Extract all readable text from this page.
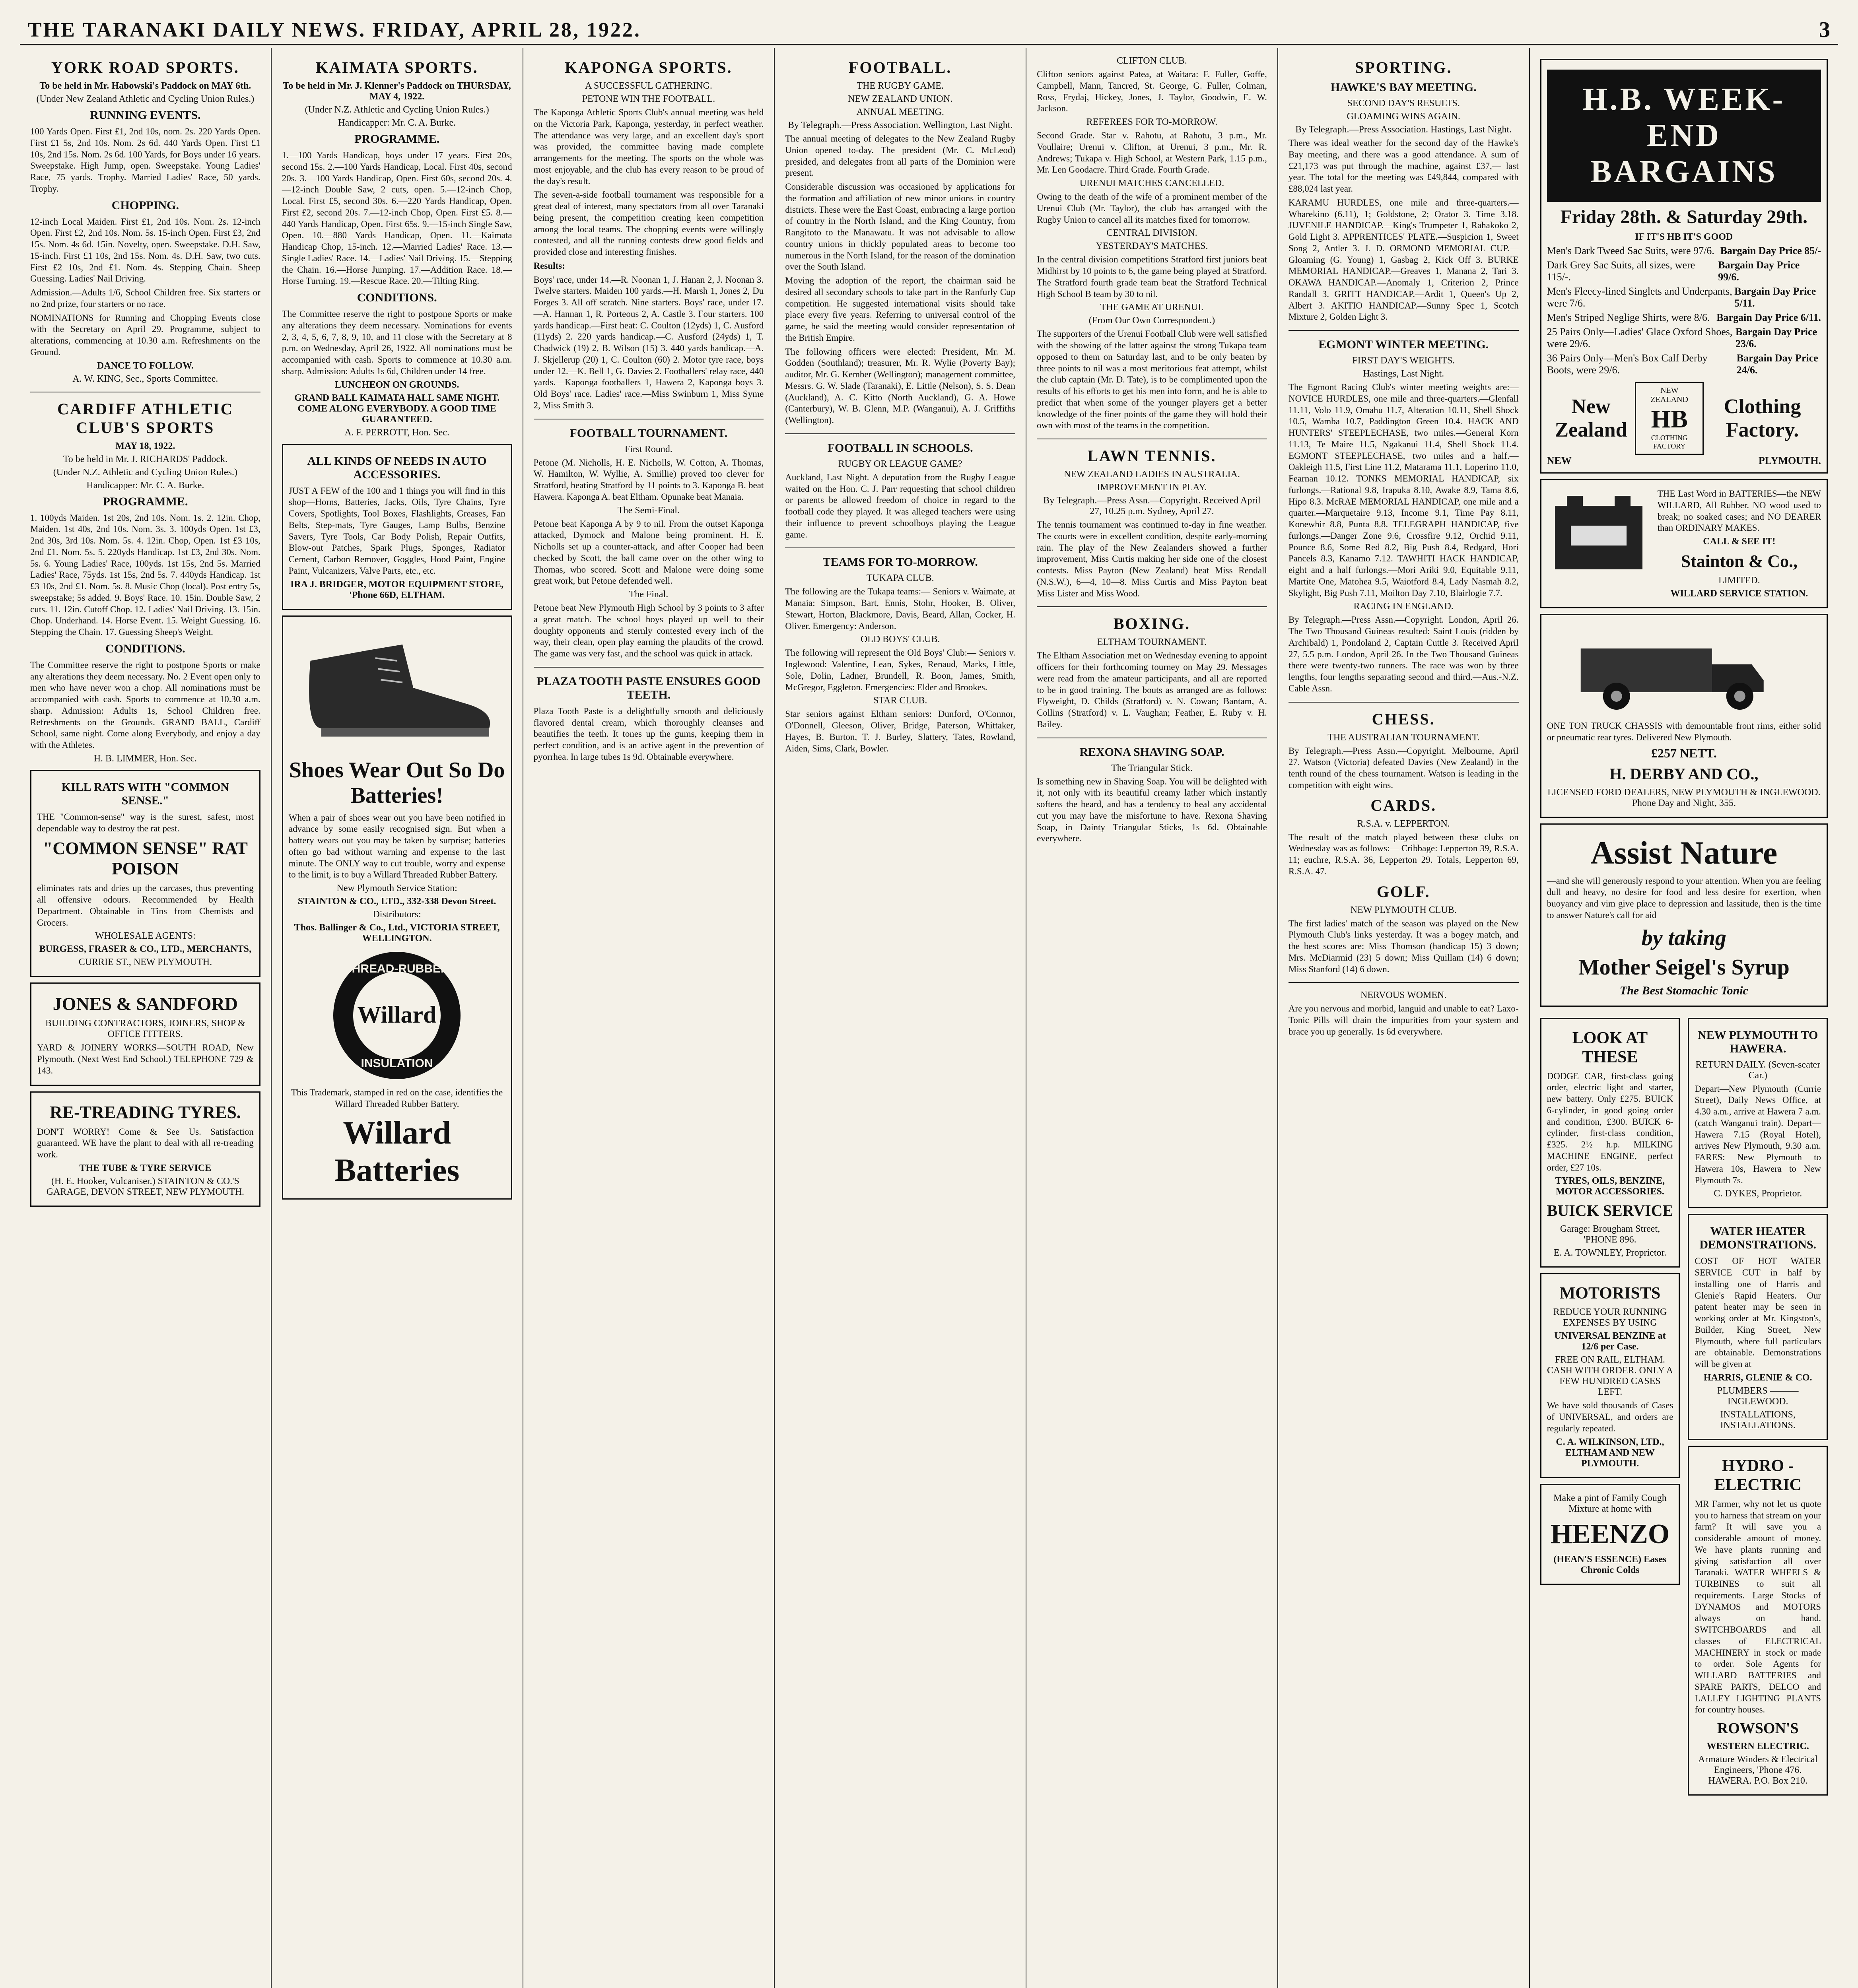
THE TARANAKI DAILY NEWS. FRIDAY, APRIL 28, 1922.	3
YORK ROAD SPORTS.
To be held in Mr. Habowski's Paddock on MAY 6th.
(Under New Zealand Athletic and Cycling Union Rules.)
RUNNING EVENTS.

100 Yards Open. First £1, 2nd 10s, nom. 2s. 220 Yards Open. First £1 5s, 2nd 10s. Nom. 2s 6d. 440 Yards Open. First £1 10s, 2nd 15s. Nom. 2s 6d. 100 Yards, for Boys under 16 years. Sweepstake. High Jump, open. Sweepstake. Young Ladies' Race, 75 yards. Trophy. Married Ladies' Race, 50 yards. Trophy.

CHOPPING.

12-inch Local Maiden. First £1, 2nd 10s. Nom. 2s. 12-inch Open. First £2, 2nd 10s. Nom. 5s. 15-inch Open. First £3, 2nd 15s. Nom. 4s 6d. 15in. Novelty, open. Sweepstake. D.H. Saw, 15-inch. First £1 10s, 2nd 15s. Nom. 4s. D.H. Saw, two cuts. First £2 10s, 2nd £1. Nom. 4s. Stepping Chain. Sheep Guessing. Ladies' Nail Driving.

Admission.—Adults 1/6, School Children free. Six starters or no 2nd prize, four starters or no race.

NOMINATIONS for Running and Chopping Events close with the Secretary on April 29. Programme, subject to alterations, commencing at 10.30 a.m. Refreshments on the Ground.

DANCE TO FOLLOW.
A. W. KING, Sec., Sports Committee.
CARDIFF ATHLETIC CLUB'S SPORTS
MAY 18, 1922.
To be held in Mr. J. RICHARDS' Paddock.
(Under N.Z. Athletic and Cycling Union Rules.)
Handicapper: Mr. C. A. Burke.
PROGRAMME.

1. 100yds Maiden. 1st 20s, 2nd 10s. Nom. 1s. 2. 12in. Chop, Maiden. 1st 40s, 2nd 10s. Nom. 3s. 3. 100yds Open. 1st £3, 2nd 30s, 3rd 10s. Nom. 5s. 4. 12in. Chop, Open. 1st £3 10s, 2nd £1. Nom. 5s. 5. 220yds Handicap. 1st £3, 2nd 30s. Nom. 5s. 6. Young Ladies' Race, 100yds. 1st 15s, 2nd 5s. Married Ladies' Race, 75yds. 1st 15s, 2nd 5s. 7. 440yds Handicap. 1st £3 10s, 2nd £1. Nom. 5s. 8. Music Chop (local). Post entry 5s, sweepstake; 5s added. 9. Boys' Race. 10. 15in. Double Saw, 2 cuts. 11. 12in. Cutoff Chop. 12. Ladies' Nail Driving. 13. 15in. Chop. Underhand. 14. Horse Event. 15. Weight Guessing. 16. Stepping the Chain. 17. Guessing Sheep's Weight.

CONDITIONS.

The Committee reserve the right to postpone Sports or make any alterations they deem necessary. No. 2 Event open only to men who have never won a chop. All nominations must be accompanied with cash. Sports to commence at 10.30 a.m. sharp. Admission: Adults 1s, School Children free. Refreshments on the Grounds. GRAND BALL, Cardiff School, same night. Come along Everybody, and enjoy a day with the Athletes.

H. B. LIMMER, Hon. Sec.
KILL RATS WITH "COMMON SENSE."

THE "Common-sense" way is the surest, safest, most dependable way to destroy the rat pest.

"COMMON SENSE" RAT POISON

eliminates rats and dries up the carcases, thus preventing all offensive odours. Recommended by Health Department. Obtainable in Tins from Chemists and Grocers.

WHOLESALE AGENTS:
BURGESS, FRASER & CO., LTD., MERCHANTS,
CURRIE ST., NEW PLYMOUTH.
JONES & SANDFORD
BUILDING CONTRACTORS, JOINERS, SHOP & OFFICE FITTERS.

YARD & JOINERY WORKS—SOUTH ROAD, New Plymouth. (Next West End School.) TELEPHONE 729 & 143.

RE-TREADING TYRES.

DON'T WORRY! Come & See Us. Satisfaction guaranteed. WE have the plant to deal with all re-treading work.

THE TUBE & TYRE SERVICE
(H. E. Hooker, Vulcaniser.) STAINTON & CO.'S GARAGE, DEVON STREET, NEW PLYMOUTH.
KAIMATA SPORTS.
To be held in Mr. J. Klenner's Paddock on THURSDAY, MAY 4, 1922.
(Under N.Z. Athletic and Cycling Union Rules.)
Handicapper: Mr. C. A. Burke.
PROGRAMME.

1.—100 Yards Handicap, boys under 17 years. First 20s, second 15s. 2.—100 Yards Handicap, Local. First 40s, second 20s. 3.—100 Yards Handicap, Open. First 60s, second 20s. 4.—12-inch Double Saw, 2 cuts, open. 5.—12-inch Chop, Local. First £5, second 30s. 6.—220 Yards Handicap, Open. First £2, second 20s. 7.—12-inch Chop, Open. First £5. 8.—440 Yards Handicap, Open. First 65s. 9.—15-inch Single Saw, Open. 10.—880 Yards Handicap, Open. 11.—Kaimata Handicap Chop, 15-inch. 12.—Married Ladies' Race. 13.—Single Ladies' Race. 14.—Ladies' Nail Driving. 15.—Stepping the Chain. 16.—Horse Jumping. 17.—Addition Race. 18.—Horse Turning. 19.—Rescue Race. 20.—Tilting Ring.

CONDITIONS.

The Committee reserve the right to postpone Sports or make any alterations they deem necessary. Nominations for events 2, 3, 4, 5, 6, 7, 8, 9, 10, and 11 close with the Secretary at 8 p.m. on Wednesday, April 26, 1922. All nominations must be accompanied with cash. Sports to commence at 10.30 a.m. sharp. Admission: Adults 1s 6d, Children under 14 free.

LUNCHEON ON GROUNDS.
GRAND BALL KAIMATA HALL SAME NIGHT. COME ALONG EVERYBODY. A GOOD TIME GUARANTEED.
A. F. PERROTT, Hon. Sec.
ALL KINDS OF NEEDS IN AUTO ACCESSORIES.

JUST A FEW of the 100 and 1 things you will find in this shop—Horns, Batteries, Jacks, Oils, Tyre Chains, Tyre Covers, Spotlights, Tool Boxes, Flashlights, Greases, Fan Belts, Step-mats, Tyre Gauges, Lamp Bulbs, Benzine Savers, Tyre Tools, Car Body Polish, Repair Outfits, Blow-out Patches, Spark Plugs, Sponges, Radiator Cement, Carbon Remover, Goggles, Hood Paint, Engine Paint, Vulcanizers, Valve Parts, etc., etc.

IRA J. BRIDGER, MOTOR EQUIPMENT STORE, 'Phone 66D, ELTHAM.
Shoes Wear Out So Do Batteries!

When a pair of shoes wear out you have been notified in advance by some easily recognised sign. But when a battery wears out you may be taken by surprise; batteries often go bad without warning and expense to the last minute. The ONLY way to cut trouble, worry and expense to the limit, is to buy a Willard Threaded Rubber Battery.

New Plymouth Service Station:
STAINTON & CO., LTD., 332-338 Devon Street.
Distributors:
Thos. Ballinger & Co., Ltd., VICTORIA STREET, WELLINGTON.
THREAD-RUBBER
Willard
INSULATION

This Trademark, stamped in red on the case, identifies the Willard Threaded Rubber Battery.

Willard Batteries
KAPONGA SPORTS.
A SUCCESSFUL GATHERING.
PETONE WIN THE FOOTBALL.

The Kaponga Athletic Sports Club's annual meeting was held on the Victoria Park, Kaponga, yesterday, in perfect weather. The attendance was very large, and an excellent day's sport was provided, the committee having made complete arrangements for the meeting. The sports on the whole was most enjoyable, and the club has every reason to be proud of the day's result.

The seven-a-side football tournament was responsible for a great deal of interest, many spectators from all over Taranaki being present, the competition creating keen competition among the local teams. The chopping events were willingly contested, and all the running contests drew good fields and provided close and interesting finishes.

Results:

Boys' race, under 14.—R. Noonan 1, J. Hanan 2, J. Noonan 3. Twelve starters. Maiden 100 yards.—H. Marsh 1, Jones 2, Du Forges 3. All off scratch. Nine starters. Boys' race, under 17.—A. Hannan 1, R. Porteous 2, A. Castle 3. Four starters. 100 yards handicap.—First heat: C. Coulton (12yds) 1, C. Ausford (11yds) 2. 220 yards handicap.—C. Ausford (24yds) 1, T. Chadwick (19) 2, B. Wilson (15) 3. 440 yards handicap.—A. J. Skjellerup (20) 1, C. Coulton (60) 2. Motor tyre race, boys under 12.—K. Bell 1, G. Davies 2. Footballers' relay race, 440 yards.—Kaponga footballers 1, Hawera 2, Kaponga boys 3. Old Boys' race. Ladies' race.—Miss Swinburn 1, Miss Syme 2, Miss Smith 3.

FOOTBALL TOURNAMENT.
First Round.

Petone (M. Nicholls, H. E. Nicholls, W. Cotton, A. Thomas, W. Hamilton, W. Wyllie, A. Smillie) proved too clever for Stratford, beating Stratford by 11 points to 3. Kaponga B. beat Hawera. Kaponga A. beat Eltham. Opunake beat Manaia.

The Semi-Final.

Petone beat Kaponga A by 9 to nil. From the outset Kaponga attacked, Dymock and Malone being prominent. H. E. Nicholls set up a counter-attack, and after Cooper had been checked by Scott, the ball came over on the other wing to Thomas, who scored. Scott and Malone were doing some great work, but Petone defended well.

The Final.

Petone beat New Plymouth High School by 3 points to 3 after a great match. The school boys played up well to their doughty opponents and sternly contested every inch of the way, their clean, open play earning the plaudits of the crowd. The game was very fast, and the school was quick in attack.

PLAZA TOOTH PASTE ENSURES GOOD TEETH.

Plaza Tooth Paste is a delightfully smooth and deliciously flavored dental cream, which thoroughly cleanses and beautifies the teeth. It tones up the gums, keeping them in perfect condition, and is an active agent in the prevention of pyorrhea. In large tubes 1s 9d. Obtainable everywhere.

FOOTBALL.
THE RUGBY GAME.
NEW ZEALAND UNION.
ANNUAL MEETING.
By Telegraph.—Press Association. Wellington, Last Night.

The annual meeting of delegates to the New Zealand Rugby Union opened to-day. The president (Mr. C. McLeod) presided, and delegates from all parts of the Dominion were present.

Considerable discussion was occasioned by applications for the formation and affiliation of new minor unions in country districts. These were the East Coast, embracing a large portion of country in the North Island, and the King Country, from Rangitoto to the Manawatu. It was not advisable to allow country unions in thickly populated areas to become too numerous in the North Island, for the reason of the domination over the South Island.

Moving the adoption of the report, the chairman said he desired all secondary schools to take part in the Ranfurly Cup competition. He suggested international visits should take place every five years. Referring to universal control of the game, he said the meeting would consider representation of the British Empire.

The following officers were elected: President, Mr. M. Godden (Southland); treasurer, Mr. R. Wylie (Poverty Bay); auditor, Mr. G. Kember (Wellington); management committee, Messrs. G. W. Slade (Taranaki), E. Little (Nelson), S. S. Dean (Auckland), A. C. Kitto (North Auckland), G. A. Howe (Canterbury), W. B. Glenn, M.P. (Wanganui), A. J. Griffiths (Wellington).

FOOTBALL IN SCHOOLS.
RUGBY OR LEAGUE GAME?

Auckland, Last Night. A deputation from the Rugby League waited on the Hon. C. J. Parr requesting that school children or parents be allowed freedom of choice in regard to the football code they played. It was alleged teachers were using their influence to prevent schoolboys playing the League game.

TEAMS FOR TO-MORROW.
TUKAPA CLUB.

The following are the Tukapa teams:— Seniors v. Waimate, at Manaia: Simpson, Bart, Ennis, Stohr, Hooker, B. Oliver, Stewart, Horton, Blackmore, Davis, Beard, Allan, Cocker, H. Oliver. Emergency: Anderson.

OLD BOYS' CLUB.

The following will represent the Old Boys' Club:— Seniors v. Inglewood: Valentine, Lean, Sykes, Renaud, Marks, Little, Sole, Dolin, Ladner, Brundell, R. Boon, James, Smith, McGregor, Eggleton. Emergencies: Elder and Brookes.

STAR CLUB.

Star seniors against Eltham seniors: Dunford, O'Connor, O'Donnell, Gleeson, Oliver, Bridge, Paterson, Whittaker, Hayes, B. Burton, T. J. Burley, Slattery, Tates, Rowland, Aiden, Sims, Clark, Bowler.

CLIFTON CLUB.

Clifton seniors against Patea, at Waitara: F. Fuller, Goffe, Campbell, Mann, Tancred, St. George, G. Fuller, Colman, Ross, Frydaj, Hickey, Jones, J. Taylor, Goodwin, E. W. Jackson.

REFEREES FOR TO-MORROW.

Second Grade. Star v. Rahotu, at Rahotu, 3 p.m., Mr. Voullaire; Urenui v. Clifton, at Urenui, 3 p.m., Mr. R. Andrews; Tukapa v. High School, at Western Park, 1.15 p.m., Mr. Len Goodacre. Third Grade. Fourth Grade.

URENUI MATCHES CANCELLED.

Owing to the death of the wife of a prominent member of the Urenui Club (Mr. Taylor), the club has arranged with the Rugby Union to cancel all its matches fixed for tomorrow.

CENTRAL DIVISION.
YESTERDAY'S MATCHES.

In the central division competitions Stratford first juniors beat Midhirst by 10 points to 6, the game being played at Stratford. The Stratford fourth grade team beat the Stratford Technical High School B team by 30 to nil.

THE GAME AT URENUI.
(From Our Own Correspondent.)

The supporters of the Urenui Football Club were well satisfied with the showing of the latter against the strong Tukapa team opposed to them on Saturday last, and to be only beaten by three points to nil was a most meritorious feat attempt, whilst the club captain (Mr. D. Tate), is to be complimented upon the results of his efforts to get his men into form, and he is able to predict that when some of the younger players get a better knowledge of the finer points of the game they will hold their own with most of the teams in the competition.

LAWN TENNIS.
NEW ZEALAND LADIES IN AUSTRALIA.
IMPROVEMENT IN PLAY.
By Telegraph.—Press Assn.—Copyright. Received April 27, 10.25 p.m. Sydney, April 27.

The tennis tournament was continued to-day in fine weather. The courts were in excellent condition, despite early-morning rain. The play of the New Zealanders showed a further improvement, Miss Curtis making her side one of the closest contests. Miss Payton (New Zealand) beat Miss Rendall (N.S.W.), 6—4, 10—8. Miss Curtis and Miss Payton beat Miss Lister and Miss Wood.

BOXING.
ELTHAM TOURNAMENT.

The Eltham Association met on Wednesday evening to appoint officers for their forthcoming tourney on May 29. Messages were read from the amateur participants, and all are reported to be in good training. The bouts as arranged are as follows: Flyweight, D. Childs (Stratford) v. N. Cowan; Bantam, A. Collins (Stratford) v. L. Vaughan; Feather, E. Ruby v. H. Bailey.

REXONA SHAVING SOAP.
The Triangular Stick.

Is something new in Shaving Soap. You will be delighted with it, not only with its beautiful creamy lather which instantly softens the beard, and has a tendency to heal any accidental cut you may have the misfortune to have. Rexona Shaving Soap, in Dainty Triangular Sticks, 1s 6d. Obtainable everywhere.

SPORTING.
HAWKE'S BAY MEETING.
SECOND DAY'S RESULTS.
GLOAMING WINS AGAIN.
By Telegraph.—Press Association. Hastings, Last Night.

There was ideal weather for the second day of the Hawke's Bay meeting, and there was a good attendance. A sum of £21,173 was put through the machine, against £37,— last year. The total for the meeting was £49,844, compared with £88,024 last year.

KARAMU HURDLES, one mile and three-quarters.—Wharekino (6.11), 1; Goldstone, 2; Orator 3. Time 3.18. JUVENILE HANDICAP.—King's Trumpeter 1, Rahakoko 2, Gold Light 3. APPRENTICES' PLATE.—Suspicion 1, Sweet Song 2, Antler 3. J. D. ORMOND MEMORIAL CUP.—Gloaming (G. Young) 1, Gasbag 2, Kick Off 3. BURKE MEMORIAL HANDICAP.—Greaves 1, Manana 2, Tari 3. OKAWA HANDICAP.—Anomaly 1, Criterion 2, Prince Randall 3. GRITT HANDICAP.—Ardit 1, Queen's Up 2, Albert 3. AKITIO HANDICAP.—Sunny Spec 1, Scotch Mixture 2, Golden Light 3.

EGMONT WINTER MEETING.
FIRST DAY'S WEIGHTS.
Hastings, Last Night.

The Egmont Racing Club's winter meeting weights are:— NOVICE HURDLES, one mile and three-quarters.—Glenfall 11.11, Volo 11.9, Omahu 11.7, Alteration 10.11, Shell Shock 10.5, Wamba 10.7, Paddington Green 10.4. HACK AND HUNTERS' STEEPLECHASE, two miles.—General Korn 11.13, Te Maire 11.5, Ngakanui 11.4, Shell Shock 11.4. EGMONT STEEPLECHASE, two miles and a half.—Oakleigh 11.5, First Line 11.2, Matarama 11.1, Loperino 11.0, Fearnan 10.12. TONKS MEMORIAL HANDICAP, six furlongs.—Rational 9.8, Irapuka 8.10, Awake 8.9, Tama 8.6, Hipo 8.3. McRAE MEMORIAL HANDICAP, one mile and a quarter.—Marquetaire 9.13, Income 9.1, Time Pay 8.11, Konewhir 8.8, Punta 8.8. TELEGRAPH HANDICAP, five furlongs.—Danger Zone 9.6, Crossfire 9.12, Orchid 9.11, Pounce 8.6, Some Red 8.2, Big Push 8.4, Redgard, Hori Pancels 8.3, Kanamo 7.12. TAWHITI HACK HANDICAP, eight and a half furlongs.—Mori Ariki 9.0, Equitable 9.11, Martite One, Matohea 9.5, Waiotford 8.4, Lady Nasmah 8.2, Skylight, Big Push 7.11, Moilton Day 7.10, Blairlogie 7.7.

RACING IN ENGLAND.

By Telegraph.—Press Assn.—Copyright. London, April 26. The Two Thousand Guineas resulted: Saint Louis (ridden by Archibald) 1, Pondoland 2, Captain Cuttle 3. Received April 27, 5.5 p.m. London, April 26. In the Two Thousand Guineas there were twenty-two runners. The race was won by three lengths, four lengths separating second and third.—Aus.-N.Z. Cable Assn.

CHESS.
THE AUSTRALIAN TOURNAMENT.

By Telegraph.—Press Assn.—Copyright. Melbourne, April 27. Watson (Victoria) defeated Davies (New Zealand) in the tenth round of the chess tournament. Watson is leading in the competition with eight wins.

CARDS.
R.S.A. v. LEPPERTON.

The result of the match played between these clubs on Wednesday was as follows:— Cribbage: Lepperton 39, R.S.A. 11; euchre, R.S.A. 36, Lepperton 29. Totals, Lepperton 69, R.S.A. 47.

GOLF.
NEW PLYMOUTH CLUB.

The first ladies' match of the season was played on the New Plymouth Club's links yesterday. It was a bogey match, and the best scores are: Miss Thomson (handicap 15) 3 down; Mrs. McDiarmid (23) 5 down; Miss Quillam (14) 6 down; Miss Stanford (14) 6 down.

NERVOUS WOMEN.

Are you nervous and morbid, languid and unable to eat? Laxo-Tonic Pills will drain the impurities from your system and brace you up generally. 1s 6d everywhere.

H.B. WEEK-END BARGAINS
Friday 28th. & Saturday 29th.
IF IT'S HB IT'S GOOD
Men's Dark Tweed Sac Suits, were 97/6. Bargain Day Price 85/-
Dark Grey Sac Suits, all sizes, were 115/-.
Bargain Day Price 99/6.
Men's Fleecy-lined Singlets and Underpants, were 7/6.
Bargain Day Price 5/11.
Men's Striped Neglige Shirts, were 8/6. Bargain Day Price 6/11.
25 Pairs Only—Ladies' Glace Oxford Shoes, were 29/6.
Bargain Day Price 23/6.
36 Pairs Only—Men's Box Calf Derby Boots, were 29/6.
Bargain Day Price 24/6.
New Zealand
NEW ZEALAND
HB
CLOTHING FACTORY
Clothing Factory.
NEW	PLYMOUTH.

THE Last Word in BATTERIES—the NEW WILLARD, All Rubber. NO wood used to break; no soaked cases; and NO DEARER than ORDINARY MAKES.

CALL & SEE IT!
Stainton & Co.,
LIMITED.
WILLARD SERVICE STATION.

ONE TON TRUCK CHASSIS with demountable front rims, either solid or pneumatic rear tyres. Delivered New Plymouth.

£257 NETT.
H. DERBY AND CO.,
LICENSED FORD DEALERS, NEW PLYMOUTH & INGLEWOOD. Phone Day and Night, 355.
Assist Nature

—and she will generously respond to your attention. When you are feeling dull and heavy, no desire for food and less desire for exertion, when buoyancy and vim give place to depression and lassitude, then is the time to answer Nature's call for aid

by taking
Mother Seigel's Syrup
The Best Stomachic Tonic
LOOK AT THESE

DODGE CAR, first-class going order, electric light and starter, new battery. Only £275. BUICK 6-cylinder, in good going order and condition, £300. BUICK 6-cylinder, first-class condition, £325. 2½ h.p. MILKING MACHINE ENGINE, perfect order, £27 10s.

TYRES, OILS, BENZINE, MOTOR ACCESSORIES.
BUICK SERVICE
Garage: Brougham Street, 'PHONE 896.
E. A. TOWNLEY, Proprietor.
MOTORISTS
REDUCE YOUR RUNNING EXPENSES BY USING
UNIVERSAL BENZINE at 12/6 per Case.
FREE ON RAIL, ELTHAM. CASH WITH ORDER. ONLY A FEW HUNDRED CASES LEFT.

We have sold thousands of Cases of UNIVERSAL, and orders are regularly repeated.

C. A. WILKINSON, LTD., ELTHAM AND NEW PLYMOUTH.
Make a pint of Family Cough Mixture at home with
HEENZO
(HEAN'S ESSENCE) Eases Chronic Colds
NEW PLYMOUTH TO HAWERA.
RETURN DAILY. (Seven-seater Car.)

Depart—New Plymouth (Currie Street), Daily News Office, at 4.30 a.m., arrive at Hawera 7 a.m. (catch Wanganui train). Depart—Hawera 7.15 (Royal Hotel), arrives New Plymouth, 9.30 a.m. FARES: New Plymouth to Hawera 10s, Hawera to New Plymouth 7s.

C. DYKES, Proprietor.
WATER HEATER DEMONSTRATIONS.

COST OF HOT WATER SERVICE CUT in half by installing one of Harris and Glenie's Rapid Heaters. Our patent heater may be seen in working order at Mr. Kingston's, Builder, King Street, New Plymouth, where full particulars are obtainable. Demonstrations will be given at

HARRIS, GLENIE & CO.
PLUMBERS ——— INGLEWOOD.
INSTALLATIONS, INSTALLATIONS.
HYDRO - ELECTRIC

MR Farmer, why not let us quote you to harness that stream on your farm? It will save you a considerable amount of money. We have plants running and giving satisfaction all over Taranaki. WATER WHEELS & TURBINES to suit all requirements. Large Stocks of DYNAMOS and MOTORS always on hand. SWITCHBOARDS and all classes of ELECTRICAL MACHINERY in stock or made to order. Sole Agents for WILLARD BATTERIES and SPARE PARTS, DELCO and LALLEY LIGHTING PLANTS for country houses.

ROWSON'S
WESTERN ELECTRIC.
Armature Winders & Electrical Engineers, 'Phone 476. HAWERA. P.O. Box 210.
